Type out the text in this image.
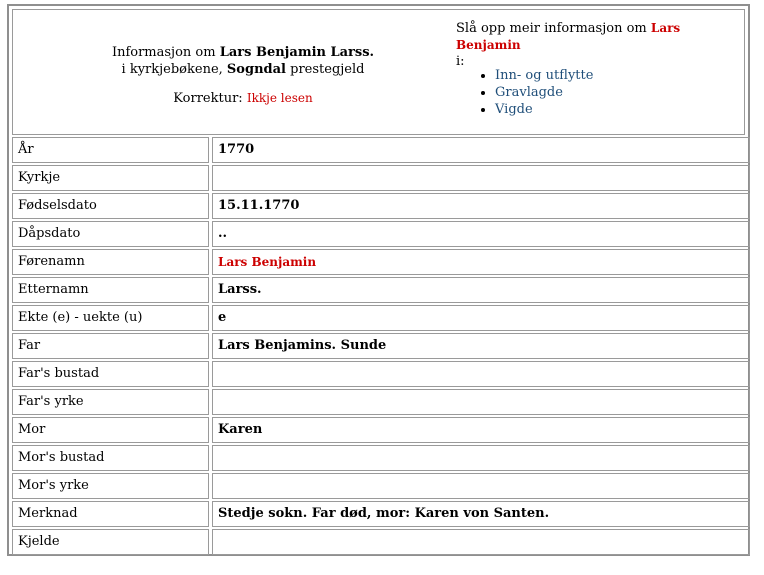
Informasjon om Lars Benjamin Larss.
i kyrkjebøkene, Sogndal prestegjeld
Korrektur: Ikkje lesen
Slå opp meir informasjon om Lars Benjamin
i:
• Inn- og utflytte
• Gravlagde
• Vigde
År	1770
Kyrkje
Fødselsdato	15.11.1770
Dåpsdato	..
Førenamn	Lars Benjamin
Etternamn	Larss.
Ekte (e) - uekte (u)	e
Far	Lars Benjamins. Sunde
Far's bustad
Far's yrke
Mor	Karen
Mor's bustad
Mor's yrke
Merknad	Stedje sokn. Far død, mor: Karen von Santen.
Kjelde
